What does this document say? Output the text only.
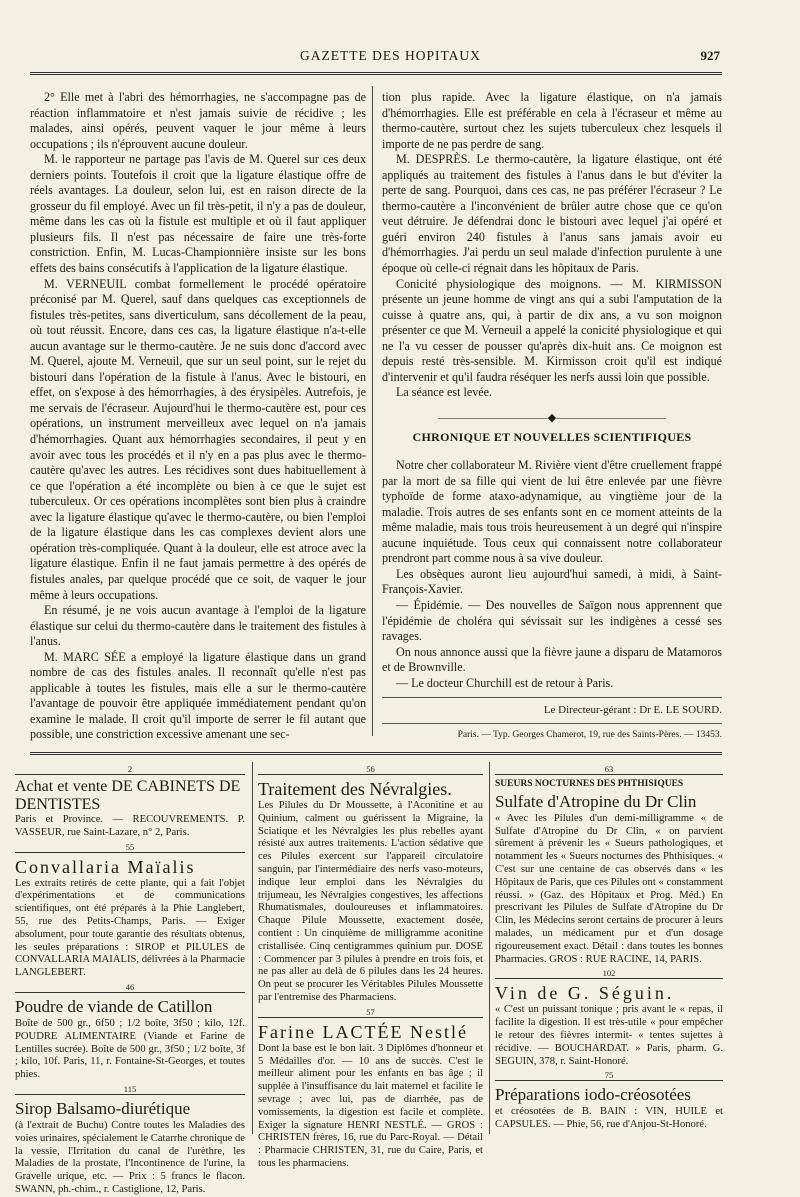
GAZETTE DES HOPITAUX	927

2° Elle met à l'abri des hémorrhagies, ne s'accompagne pas de réaction inflammatoire et n'est jamais suivie de récidive ; les malades, ainsi opérés, peuvent vaquer le jour même à leurs occupations ; ils n'éprouvent aucune douleur.

M. le rapporteur ne partage pas l'avis de M. Querel sur ces deux derniers points. Toutefois il croit que la ligature élastique offre de réels avantages. La douleur, selon lui, est en raison directe de la grosseur du fil employé. Avec un fil très-petit, il n'y a pas de douleur, même dans les cas où la fistule est multiple et où il faut appliquer plusieurs fils. Il n'est pas nécessaire de faire une très-forte constriction. Enfin, M. Lucas-Championnière insiste sur les bons effets des bains consécutifs à l'application de la ligature élastique.

M. VERNEUIL combat formellement le procédé opératoire préconisé par M. Querel, sauf dans quelques cas exceptionnels de fistules très-petites, sans diverticulum, sans décollement de la peau, où tout réussit. Encore, dans ces cas, la ligature élastique n'a-t-elle aucun avantage sur le thermo-cautère. Je ne suis donc d'accord avec M. Querel, ajoute M. Verneuil, que sur un seul point, sur le rejet du bistouri dans l'opération de la fistule à l'anus. Avec le bistouri, en effet, on s'expose à des hémorrhagies, à des érysipèles. Autrefois, je me servais de l'écraseur. Aujourd'hui le thermo-cautère est, pour ces opérations, un instrument merveilleux avec lequel on n'a jamais d'hémorrhagies. Quant aux hémorrhagies secondaires, il peut y en avoir avec tous les procédés et il n'y en a pas plus avec le thermo-cautère qu'avec les autres. Les récidives sont dues habituellement à ce que l'opération a été incomplète ou bien à ce que le sujet est tuberculeux. Or ces opérations incomplètes sont bien plus à craindre avec la ligature élastique qu'avec le thermo-cautère, ou bien l'emploi de la ligature élastique dans les cas complexes devient alors une opération très-compliquée. Quant à la douleur, elle est atroce avec la ligature élastique. Enfin il ne faut jamais permettre à des opérés de fistules anales, par quelque procédé que ce soit, de vaquer le jour même à leurs occupations.

En résumé, je ne vois aucun avantage à l'emploi de la ligature élastique sur celui du thermo-cautère dans le traitement des fistules à l'anus.

M. MARC SÉE a employé la ligature élastique dans un grand nombre de cas des fistules anales. Il reconnaît qu'elle n'est pas applicable à toutes les fistules, mais elle a sur le thermo-cautère l'avantage de pouvoir être appliquée immédiatement pendant qu'on examine le malade. Il croit qu'il importe de serrer le fil autant que possible, une constriction excessive amenant une sec-

tion plus rapide. Avec la ligature élastique, on n'a jamais d'hémorrhagies. Elle est préférable en cela à l'écraseur et même au thermo-cautère, surtout chez les sujets tuberculeux chez lesquels il importe de ne pas perdre de sang.

M. DESPRÈS. Le thermo-cautère, la ligature élastique, ont été appliqués au traitement des fistules à l'anus dans le but d'éviter la perte de sang. Pourquoi, dans ces cas, ne pas préférer l'écraseur ? Le thermo-cautère a l'inconvénient de brûler autre chose que ce qu'on veut détruire. Je défendrai donc le bistouri avec lequel j'ai opéré et guéri environ 240 fistules à l'anus sans jamais avoir eu d'hémorrhagies. J'ai perdu un seul malade d'infection purulente à une époque où celle-ci régnait dans les hôpitaux de Paris.

Conicité physiologique des moignons. — M. KIRMISSON présente un jeune homme de vingt ans qui a subi l'amputation de la cuisse à quatre ans, qui, à partir de dix ans, a vu son moignon présenter ce que M. Verneuil a appelé la conicité physiologique et qui ne l'a vu cesser de pousser qu'après dix-huit ans. Ce moignon est depuis resté très-sensible. M. Kirmisson croit qu'il est indiqué d'intervenir et qu'il faudra réséquer les nerfs aussi loin que possible.

La séance est levée.

——————————◆——————————
CHRONIQUE ET NOUVELLES SCIENTIFIQUES

Notre cher collaborateur M. Rivière vient d'être cruellement frappé par la mort de sa fille qui vient de lui être enlevée par une fièvre typhoïde de forme ataxo-adynamique, au vingtième jour de la maladie. Trois autres de ses enfants sont en ce moment atteints de la même maladie, mais tous trois heureusement à un degré qui n'inspire aucune inquiétude. Tous ceux qui connaissent notre collaborateur prendront part comme nous à sa vive douleur.

Les obsèques auront lieu aujourd'hui samedi, à midi, à Saint-François-Xavier.

— Épidémie. — Des nouvelles de Saïgon nous apprennent que l'épidémie de choléra qui sévissait sur les indigènes a cessé ses ravages.

On nous annonce aussi que la fièvre jaune a disparu de Matamoros et de Brownville.

— Le docteur Churchill est de retour à Paris.

Le Directeur-gérant : Dr E. LE SOURD.
Paris. — Typ. Georges Chamerot, 19, rue des Saints-Pères. — 13453.
2
Achat et vente DE CABINETS DE DENTISTES
Paris et Province. — RECOUVREMENTS. P. VASSEUR, rue Saint-Lazare, n° 2, Paris.
55
Convallaria Maïalis
Les extraits retirés de cette plante, qui a fait l'objet d'expérimentations et de communications scientifiques, ont été préparés à la Phie Langlebert, 55, rue des Petits-Champs, Paris. — Exiger absolument, pour toute garantie des résultats obtenus, les seules préparations : SIROP et PILULES de CONVALLARIA MAIALIS, délivrées à la Pharmacie LANGLEBERT.
46
Poudre de viande de Catillon
Boîte de 500 gr., 6f50 ; 1/2 boîte, 3f50 ; kilo, 12f. POUDRE ALIMENTAIRE (Viande et Farine de Lentilles sucrée). Boîte de 500 gr., 3f50 ; 1/2 boîte, 3f ; kilo, 10f. Paris, 11, r. Fontaine-St-Georges, et toutes phies.
115
Sirop Balsamo-diurétique
(à l'extrait de Buchu) Contre toutes les Maladies des voies urinaires, spécialement le Catarrhe chronique de la vessie, l'Irritation du canal de l'urèthre, les Maladies de la prostate, l'Incontinence de l'urine, la Gravelle urique, etc. — Prix : 5 francs le flacon. SWANN, ph.-chim., r. Castiglione, 12, Paris.
56
Traitement des Névralgies.
Les Pilules du Dr Moussette, à l'Aconitine et au Quinium, calment ou guérissent la Migraine, la Sciatique et les Névralgies les plus rebelles ayant résisté aux autres traitements. L'action sédative que ces Pilules exercent sur l'appareil circulatoire sanguin, par l'intermédiaire des nerfs vaso-moteurs, indique leur emploi dans les Névralgies du trijumeau, les Névralgies congestives, les affections Rhumatismales, douloureuses et inflammatoires. Chaque Pilule Moussette, exactement dosée, contient : Un cinquième de milligramme aconitine cristallisée. Cinq centigrammes quinium pur. DOSE : Commencer par 3 pilules à prendre en trois fois, et ne pas aller au delà de 6 pilules dans les 24 heures. On peut se procurer les Véritables Pilules Moussette par l'entremise des Pharmaciens.
57
Farine LACTÉE Nestlé
Dont la base est le bon lait. 3 Diplômes d'honneur et 5 Médailles d'or. — 10 ans de succès. C'est le meilleur aliment pour les enfants en bas âge ; il supplée à l'insuffisance du lait maternel et facilite le sevrage ; avec lui, pas de diarrhée, pas de vomissements, la digestion est facile et complète. Exiger la signature HENRI NESTLÉ. — GROS : CHRISTEN frères, 16, rue du Parc-Royal. — Détail : Pharmacie CHRISTEN, 31, rue du Caire, Paris, et tous les pharmaciens.
63
SUEURS NOCTURNES DES PHTHISIQUES
Sulfate d'Atropine du Dr Clin
« Avec les Pilules d'un demi-milligramme « de Sulfate d'Atropine du Dr Clin, « on parvient sûrement à prévenir les « Sueurs pathologiques, et notamment les « Sueurs nocturnes des Phthisiques. « C'est sur une centaine de cas observés dans « les Hôpitaux de Paris, que ces Pilules ont « constamment réussi. » (Gaz. des Hôpitaux et Prog. Méd.) En prescrivant les Pilules de Sulfate d'Atropine du Dr Clin, les Médecins seront certains de procurer à leurs malades, un médicament pur et d'un dosage rigoureusement exact. Détail : dans toutes les bonnes Pharmacies. GROS : RUE RACINE, 14, PARIS.
102
Vin de G. Séguin.
« C'est un puissant tonique ; pris avant le « repas, il facilite la digestion. Il est très-utile « pour empêcher le retour des fièvres intermit- « tentes sujettes à récidive. — BOUCHARDAT. » Paris, pharm. G. SEGUIN, 378, r. Saint-Honoré.
75
Préparations iodo-créosotées
et créosotées de B. BAIN : VIN, HUILE et CAPSULES. — Phie, 56, rue d'Anjou-St-Honoré.
